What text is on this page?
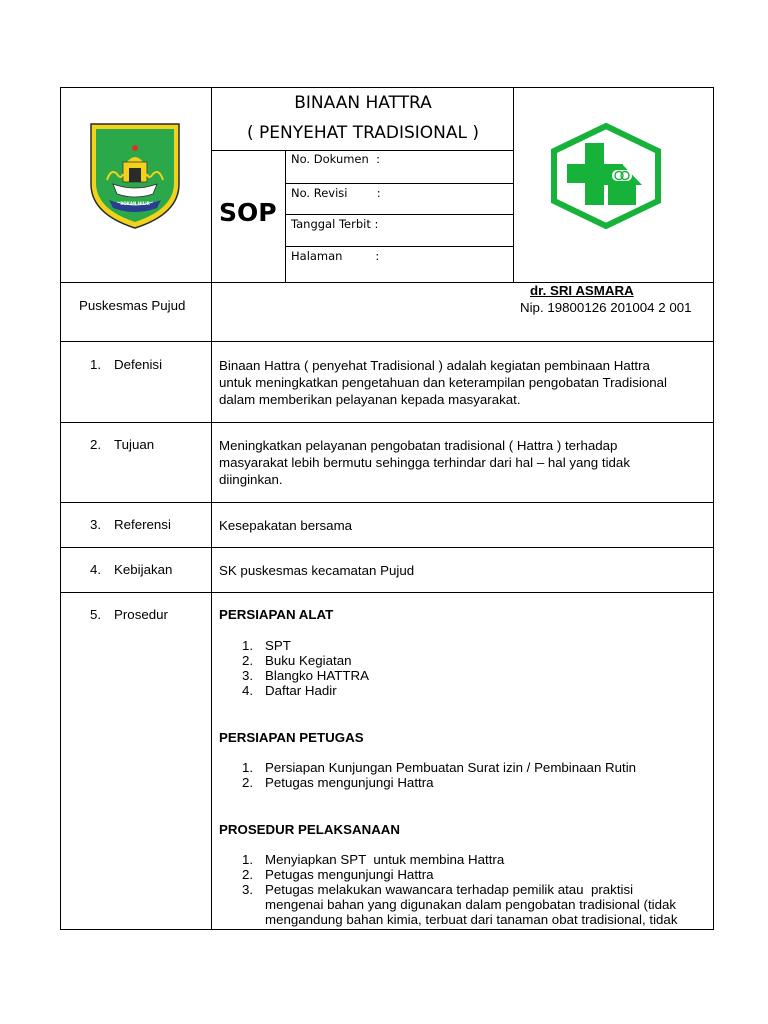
ROKAN HILIR
BINAAN HATTRA
( PENYEHAT TRADISIONAL )
SOP
No. Dokumen  :
No. Revisi        :
Tanggal Terbit :
Halaman         :
Puskesmas Pujud
dr. SRI ASMARA
Nip. 19800126 201004 2 001
1. Defenisi	Binaan Hattra ( penyehat Tradisional ) adalah kegiatan pembinaan Hattra
untuk meningkatkan pengetahuan dan keterampilan pengobatan Tradisional
dalam memberikan pelayanan kepada masyarakat.
2. Tujuan	Meningkatkan pelayanan pengobatan tradisional ( Hattra ) terhadap
masyarakat lebih bermutu sehingga terhindar dari hal – hal yang tidak
diinginkan.
3. Referensi	Kesepakatan bersama
4. Kebijakan	SK puskesmas kecamatan Pujud
5. Prosedur	PERSIAPAN ALAT
1. SPT
2. Buku Kegiatan
3. Blangko HATTRA
4. Daftar Hadir
PERSIAPAN PETUGAS
1. Persiapan Kunjungan Pembuatan Surat izin / Pembinaan Rutin
2. Petugas mengunjungi Hattra
PROSEDUR PELAKSANAAN
1. Menyiapkan SPT  untuk membina Hattra
2. Petugas mengunjungi Hattra
3. Petugas melakukan wawancara terhadap pemilik atau  praktisi
mengenai bahan yang digunakan dalam pengobatan tradisional (tidak
mengandung bahan kimia, terbuat dari tanaman obat tradisional, tidak
